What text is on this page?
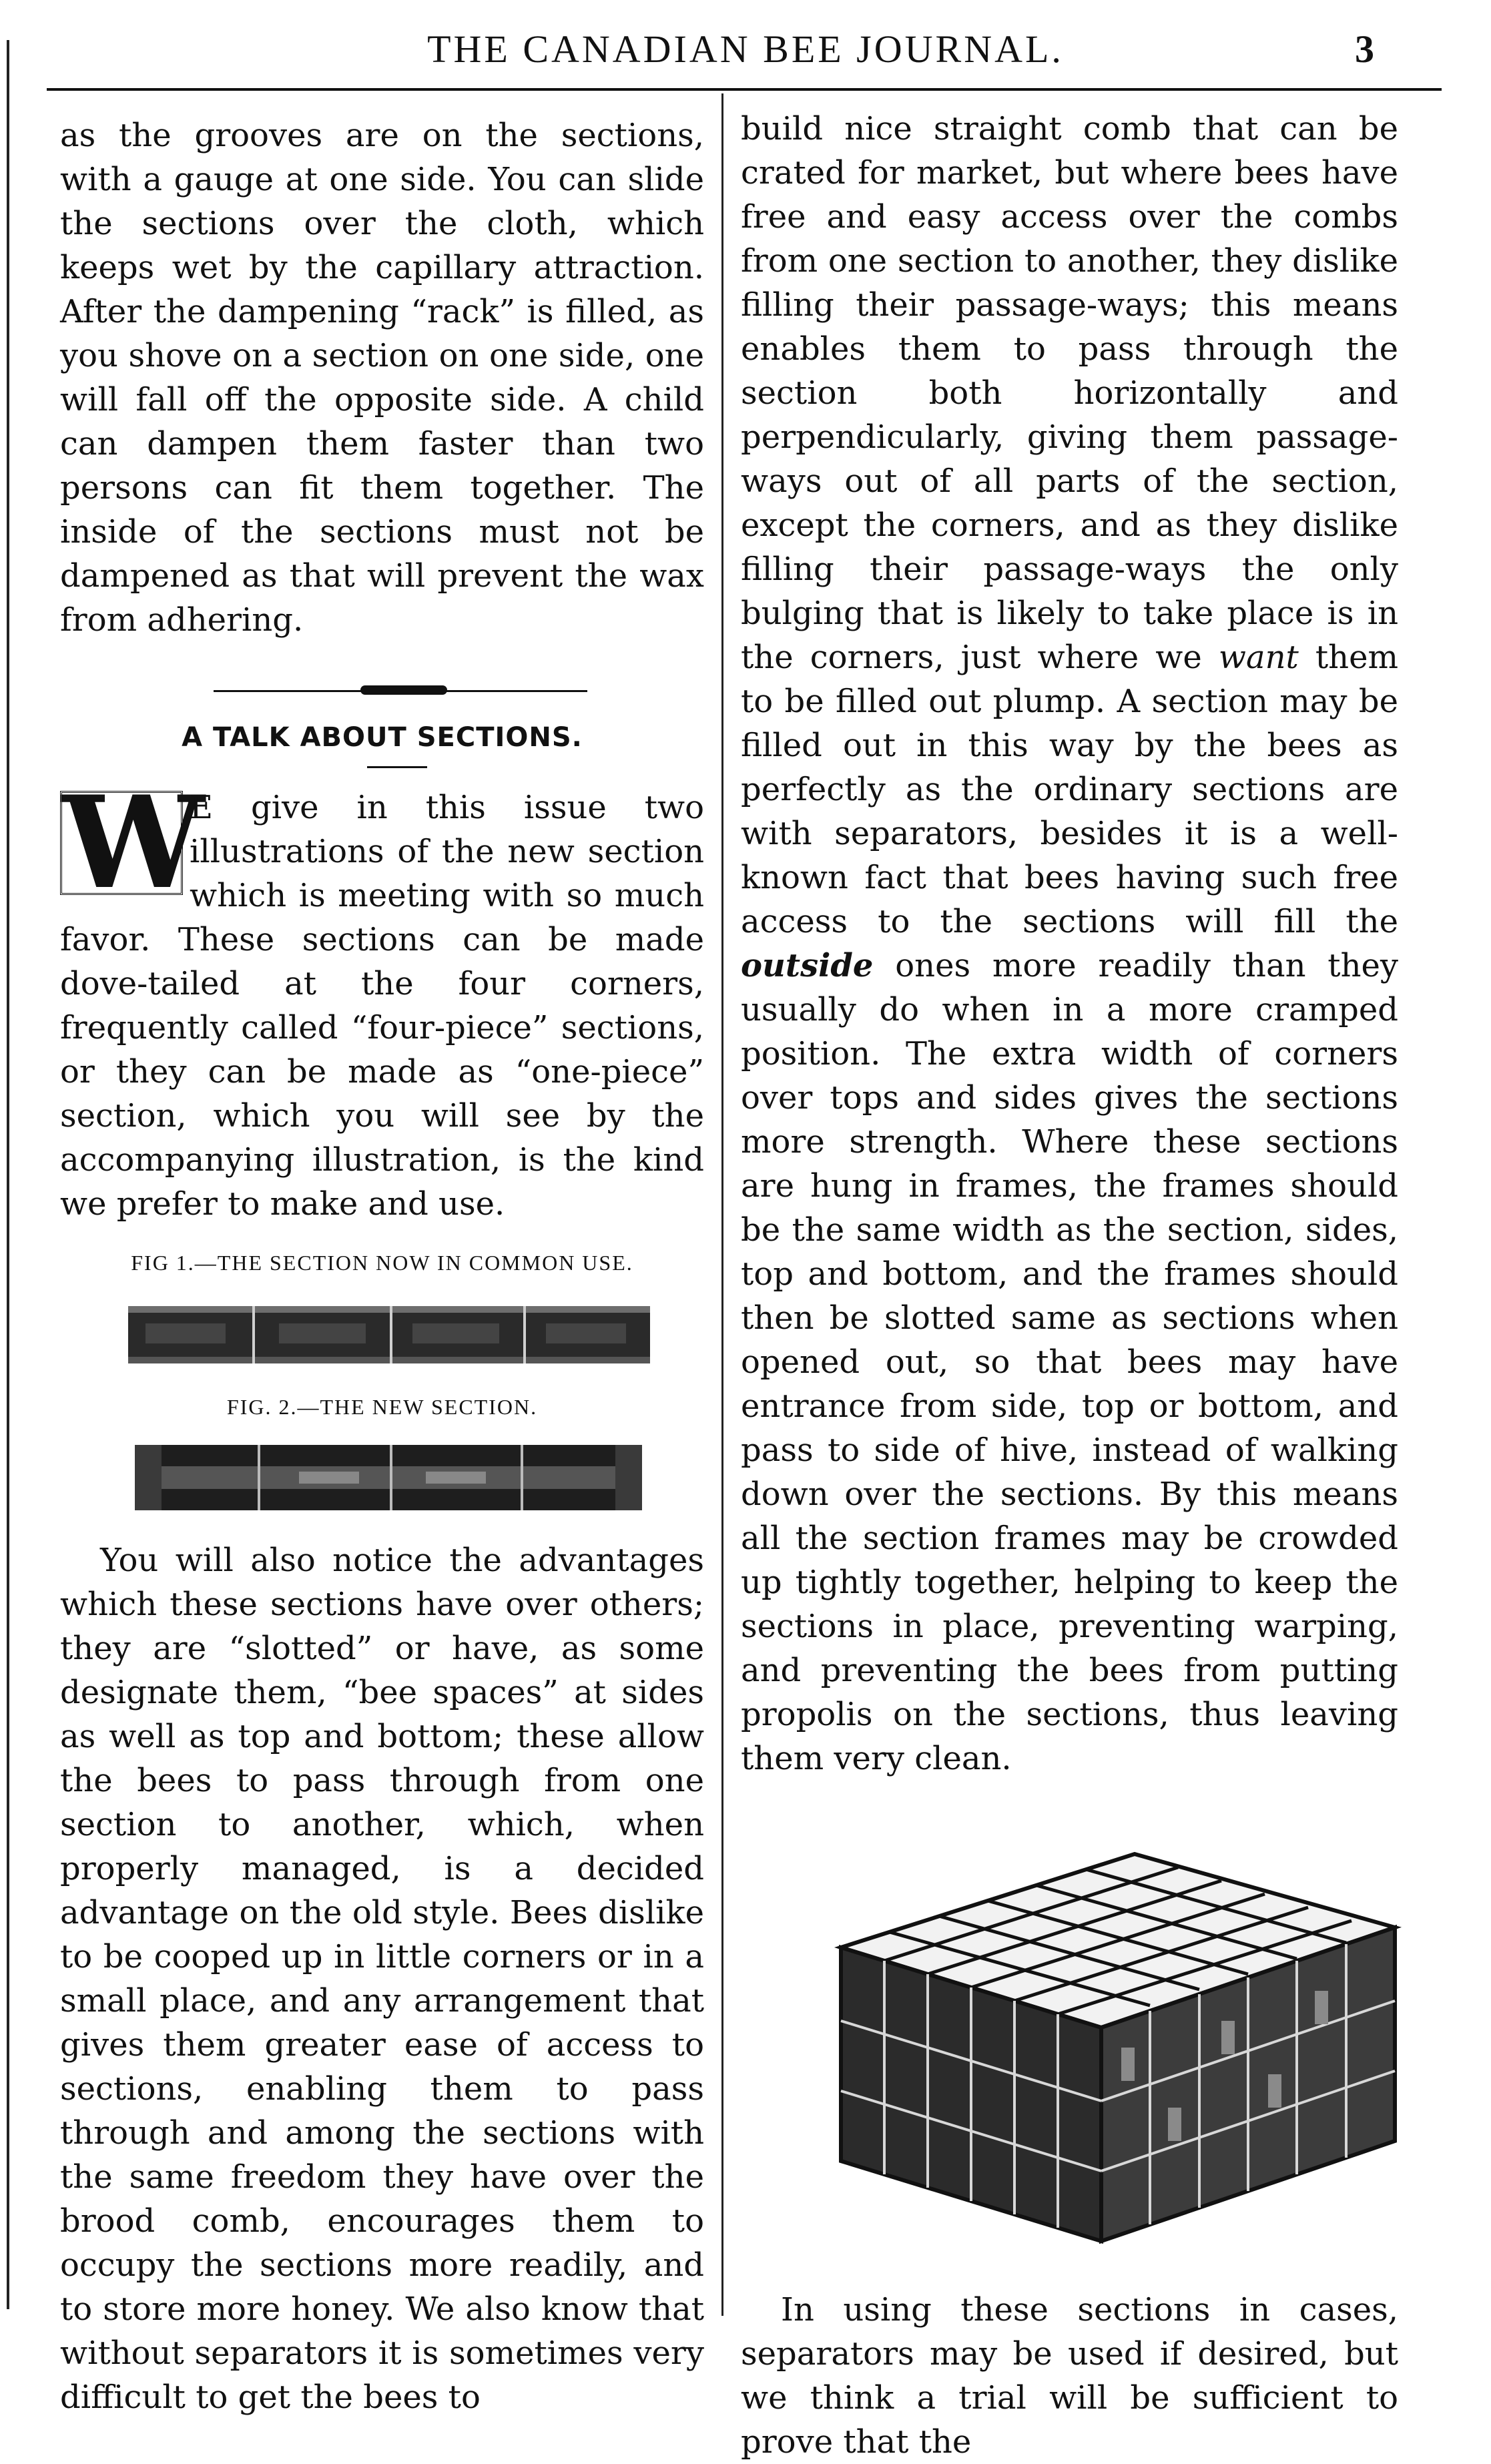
THE CANADIAN BEE JOURNAL.	3

as the grooves are on the sections, with a gauge at one side. You can slide the sections over the cloth, which keeps wet by the capillary attraction. After the dampening “rack” is filled, as you shove on a section on one side, one will fall off the opposite side. A child can dampen them faster than two persons can fit them together. The inside of the sections must not be dampened as that will prevent the wax from adhering.

A TALK ABOUT SECTIONS.

W
E give in this issue two illustrations of the new section which is meeting with so much favor. These sections can be made dove-tailed at the four corners, frequently called “four-piece” sections, or they can be made as “one-piece” section, which you will see by the accompanying illustration, is the kind we prefer to make and use.

FIG 1.—THE SECTION NOW IN COMMON USE.
FIG. 2.—THE NEW SECTION.

You will also notice the advantages which these sections have over others; they are “slotted” or have, as some designate them, “bee spaces” at sides as well as top and bottom; these allow the bees to pass through from one section to another, which, when properly managed, is a decided advantage on the old style. Bees dislike to be cooped up in little corners or in a small place, and any arrangement that gives them greater ease of access to sections, enabling them to pass through and among the sections with the same freedom they have over the brood comb, encourages them to occupy the sections more readily, and to store more honey. We also know that without separators it is sometimes very difficult to get the bees to

build nice straight comb that can be crated for market, but where bees have free and easy access over the combs from one section to another, they dislike filling their passage-ways; this means enables them to pass through the section both horizontally and perpendicularly, giving them passage-ways out of all parts of the section, except the corners, and as they dislike filling their passage-ways the only bulging that is likely to take place is in the corners, just where we want them to be filled out plump. A section may be filled out in this way by the bees as perfectly as the ordinary sections are with separators, besides it is a well-known fact that bees having such free access to the sections will fill the outside ones more readily than they usually do when in a more cramped position. The extra width of corners over tops and sides gives the sections more strength. Where these sections are hung in frames, the frames should be the same width as the section, sides, top and bottom, and the frames should then be slotted same as sections when opened out, so that bees may have entrance from side, top or bottom, and pass to side of hive, instead of walking down over the sections. By this means all the section frames may be crowded up tightly together, helping to keep the sections in place, preventing warping, and preventing the bees from putting propolis on the sections, thus leaving them very clean.

In using these sections in cases, separators may be used if desired, but we think a trial will be sufficient to prove that the
